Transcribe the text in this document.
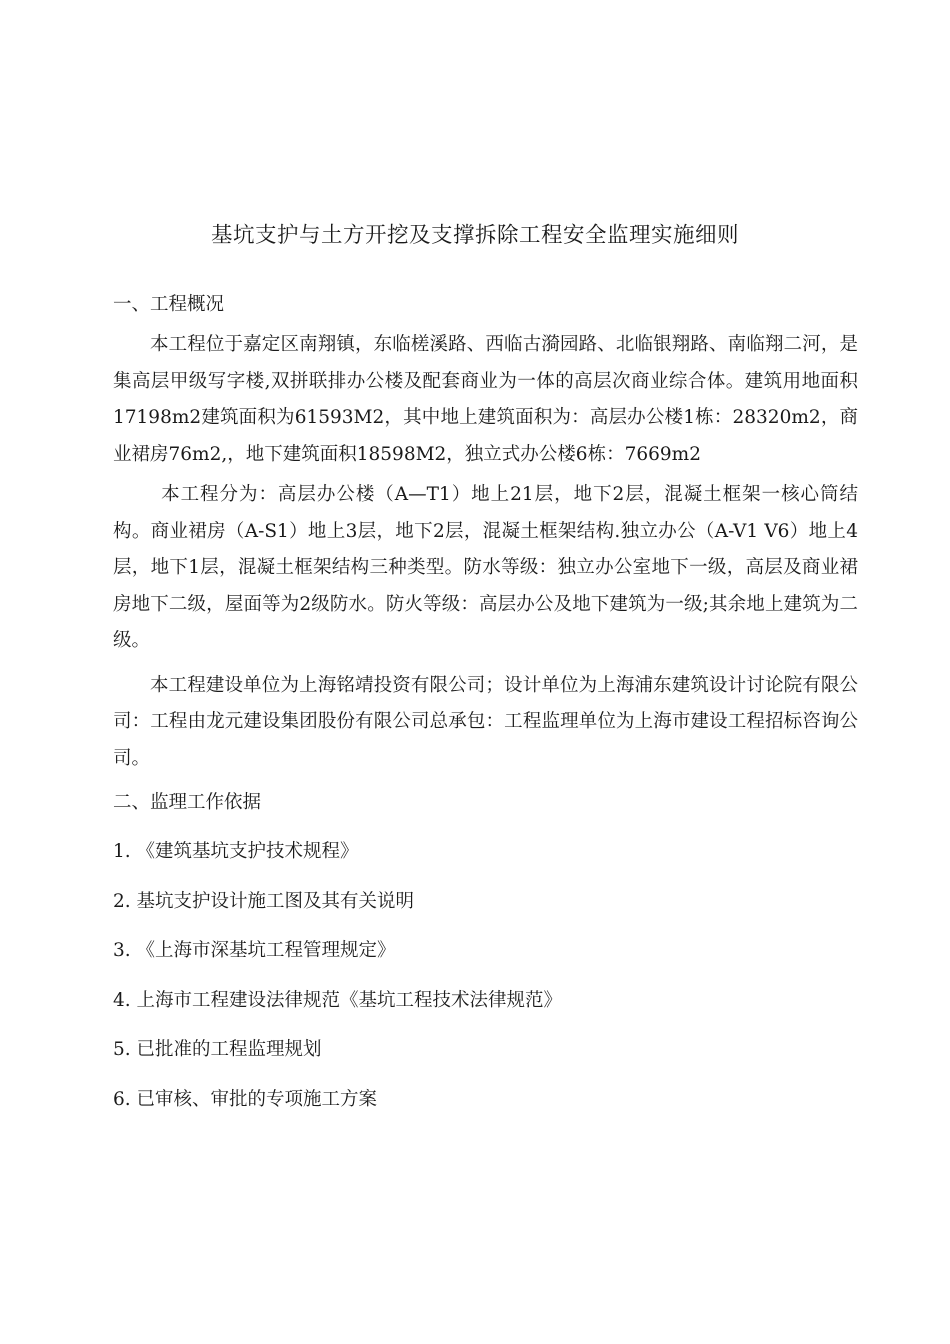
基坑支护与土方开挖及支撑拆除工程安全监理实施细则
一、工程概况

本工程位于嘉定区南翔镇，东临槎溪路、西临古漪园路、北临银翔路、南临翔二河，是集高层甲级写字楼,双拼联排办公楼及配套商业为一体的高层次商业综合体。建筑用地面积17198m2建筑面积为61593M2，其中地上建筑面积为：高层办公楼1栋：28320m2，商业裙房76m2,，地下建筑面积18598M2，独立式办公楼6栋：7669m2

本工程分为：高层办公楼（A—T1）地上21层，地下2层，混凝土框架一核心筒结构。商业裙房（A-S1）地上3层，地下2层，混凝土框架结构.独立办公（A-V1 V6）地上4层，地下1层，混凝土框架结构三种类型。防水等级：独立办公室地下一级，高层及商业裙房地下二级，屋面等为2级防水。防火等级：高层办公及地下建筑为一级;其余地上建筑为二级。

本工程建设单位为上海铭靖投资有限公司；设计单位为上海浦东建筑设计讨论院有限公司：工程由龙元建设集团股份有限公司总承包：工程监理单位为上海市建设工程招标咨询公司。

二、监理工作依据
1. 《建筑基坑支护技术规程》
2. 基坑支护设计施工图及其有关说明
3. 《上海市深基坑工程管理规定》
4. 上海市工程建设法律规范《基坑工程技术法律规范》
5. 已批准的工程监理规划
6. 已审核、审批的专项施工方案
